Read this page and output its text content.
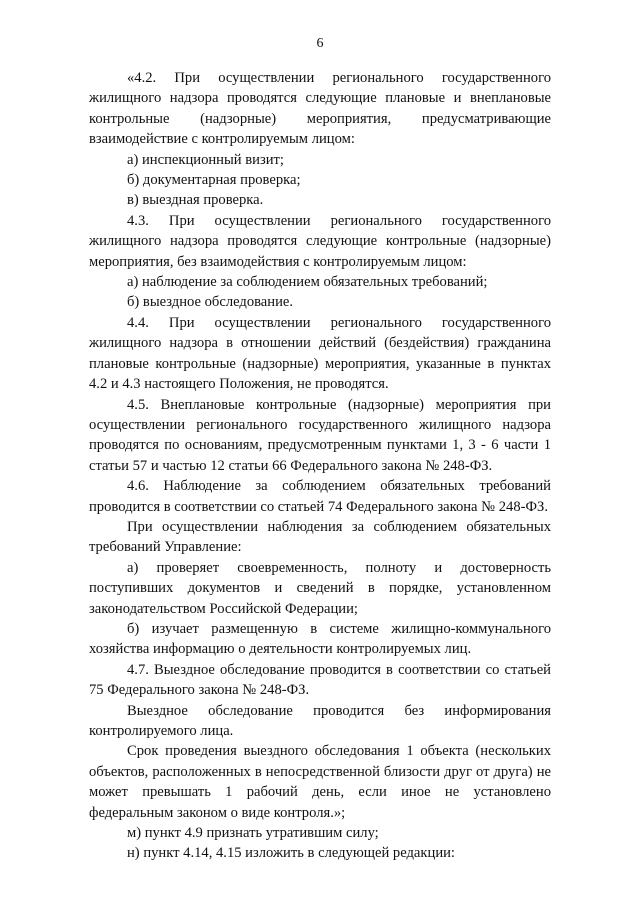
6

«4.2. При осуществлении регионального государственного жилищного надзора проводятся следующие плановые и внеплановые контрольные (надзорные) мероприятия, предусматривающие взаимодействие с контролируемым лицом:

а) инспекционный визит;

б) документарная проверка;

в) выездная проверка.

4.3. При осуществлении регионального государственного жилищного надзора проводятся следующие контрольные (надзорные) мероприятия, без взаимодействия с контролируемым лицом:

а) наблюдение за соблюдением обязательных требований;

б) выездное обследование.

4.4. При осуществлении регионального государственного жилищного надзора в отношении действий (бездействия) гражданина плановые контрольные (надзорные) мероприятия, указанные в пунктах 4.2 и 4.3 настоящего Положения, не проводятся.

4.5. Внеплановые контрольные (надзорные) мероприятия при осуществлении регионального государственного жилищного надзора проводятся по основаниям, предусмотренным пунктами 1, 3 - 6 части 1 статьи 57 и частью 12 статьи 66 Федерального закона № 248-ФЗ.

4.6. Наблюдение за соблюдением обязательных требований проводится в соответствии со статьей 74 Федерального закона № 248-ФЗ.

При осуществлении наблюдения за соблюдением обязательных требований Управление:

а) проверяет своевременность, полноту и достоверность поступивших документов и сведений в порядке, установленном законодательством Российской Федерации;

б) изучает размещенную в системе жилищно-коммунального хозяйства информацию о деятельности контролируемых лиц.

4.7. Выездное обследование проводится в соответствии со статьей 75 Федерального закона № 248-ФЗ.

Выездное обследование проводится без информирования контролируемого лица.

Срок проведения выездного обследования 1 объекта (нескольких объектов, расположенных в непосредственной близости друг от друга) не может превышать 1 рабочий день, если иное не установлено федеральным законом о виде контроля.»;

м) пункт 4.9 признать утратившим силу;

н) пункт 4.14, 4.15 изложить в следующей редакции:
